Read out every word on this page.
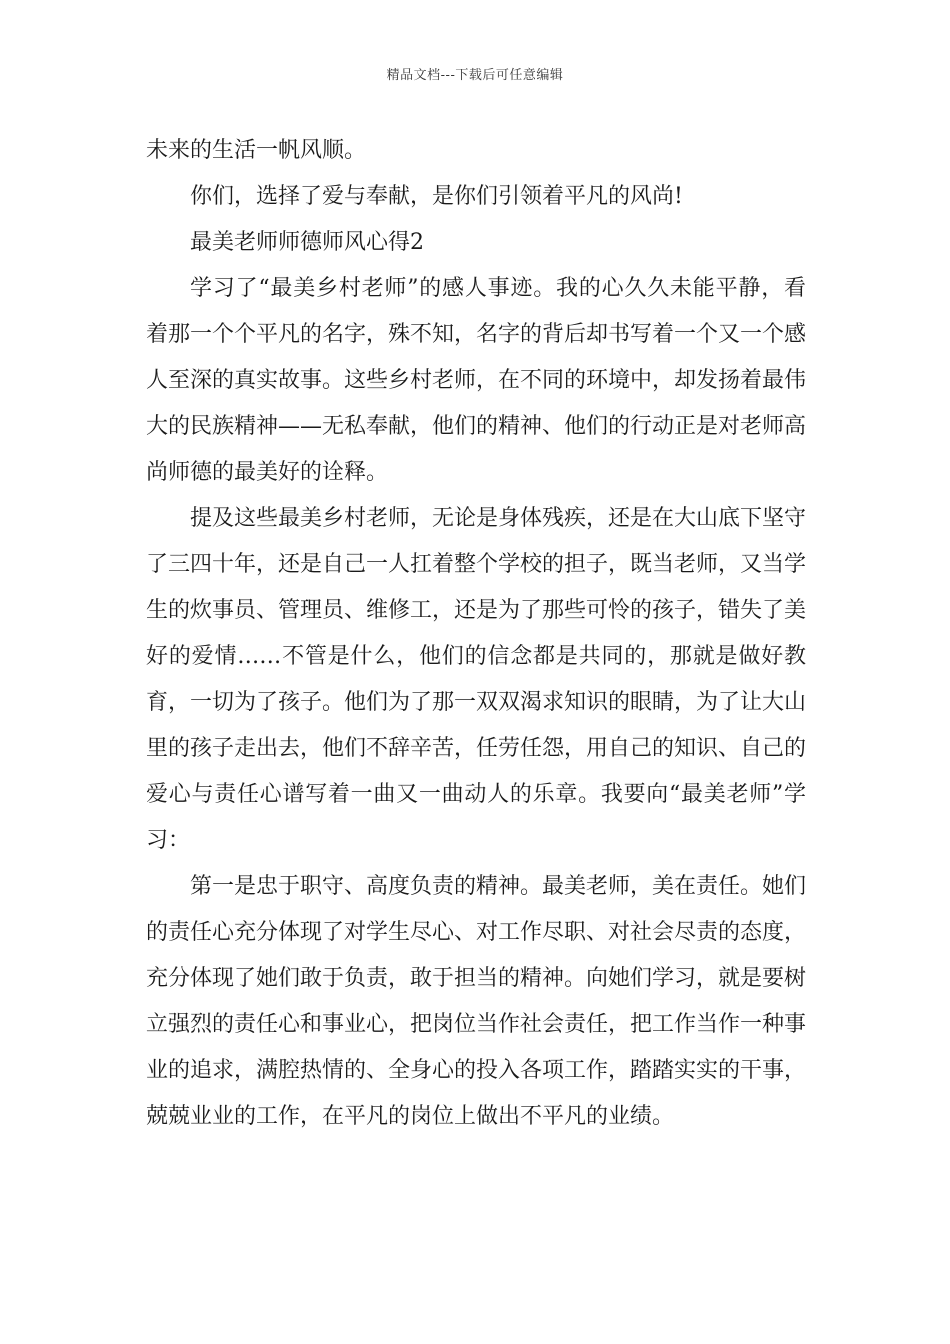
精品文档---下载后可任意编辑

未来的生活一帆风顺。

你们，选择了爱与奉献，是你们引领着平凡的风尚!

最美老师师德师风心得2

学习了“最美乡村老师”的感人事迹。我的心久久未能平静，看着那一个个平凡的名字，殊不知，名字的背后却书写着一个又一个感人至深的真实故事。这些乡村老师，在不同的环境中，却发扬着最伟大的民族精神——无私奉献，他们的精神、他们的行动正是对老师高尚师德的最美好的诠释。

提及这些最美乡村老师，无论是身体残疾，还是在大山底下坚守了三四十年，还是自己一人扛着整个学校的担子，既当老师，又当学生的炊事员、管理员、维修工，还是为了那些可怜的孩子，错失了美好的爱情……不管是什么，他们的信念都是共同的，那就是做好教育，一切为了孩子。他们为了那一双双渴求知识的眼睛，为了让大山里的孩子走出去，他们不辞辛苦，任劳任怨，用自己的知识、自己的爱心与责任心谱写着一曲又一曲动人的乐章。我要向“最美老师”学习：

第一是忠于职守、高度负责的精神。最美老师，美在责任。她们的责任心充分体现了对学生尽心、对工作尽职、对社会尽责的态度，充分体现了她们敢于负责，敢于担当的精神。向她们学习，就是要树立强烈的责任心和事业心，把岗位当作社会责任，把工作当作一种事业的追求，满腔热情的、全身心的投入各项工作，踏踏实实的干事，兢兢业业的工作，在平凡的岗位上做出不平凡的业绩。
